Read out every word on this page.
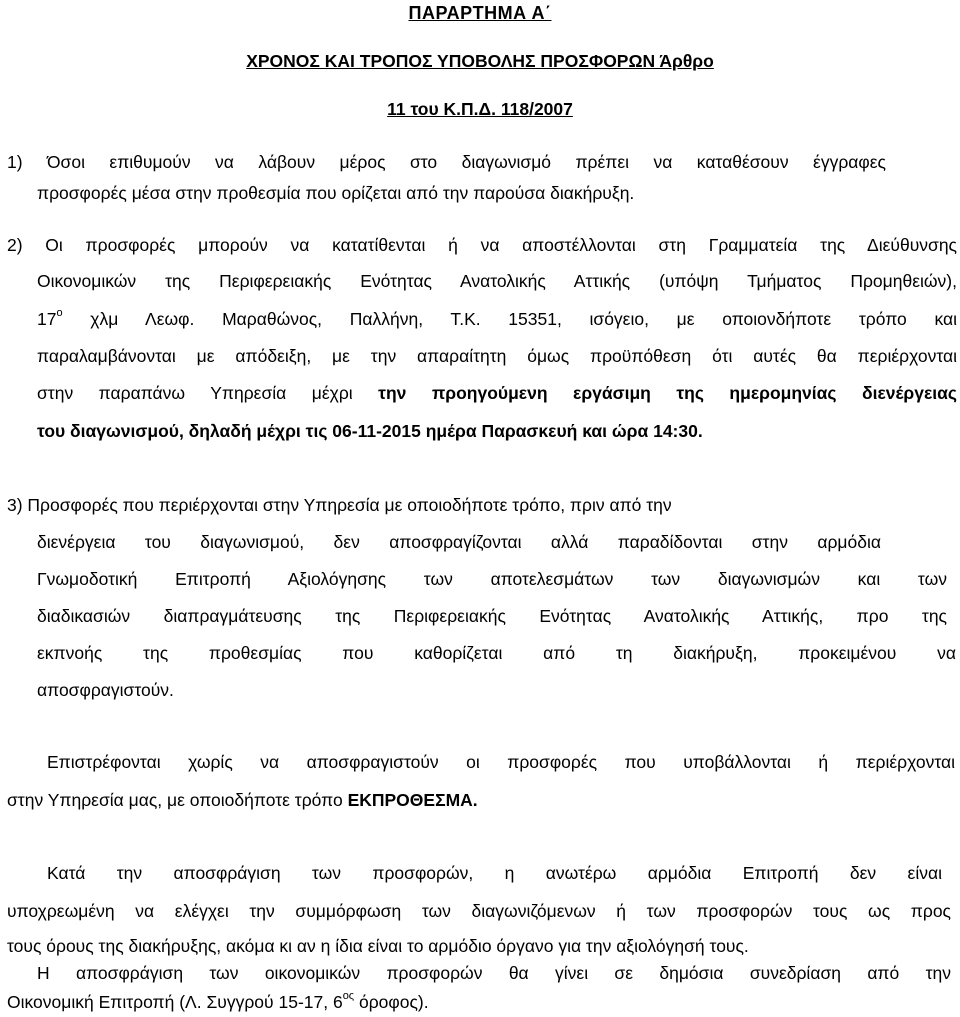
ΠΑΡΑΡΤΗΜΑ Α΄
ΧΡΟΝΟΣ ΚΑΙ ΤΡΟΠΟΣ ΥΠΟΒΟΛΗΣ ΠΡΟΣΦΟΡΩΝ Άρθρο
11 του Κ.Π.Δ. 118/2007
1) Όσοι επιθυμούν να λάβουν μέρος στο διαγωνισμό πρέπει να καταθέσουν έγγραφες
προσφορές μέσα στην προθεσμία που ορίζεται από την παρούσα διακήρυξη.
2) Οι προσφορές μπορούν να κατατίθενται ή να αποστέλλονται στη Γραμματεία της Διεύθυνσης
Οικονομικών της Περιφερειακής Ενότητας Ανατολικής Αττικής (υπόψη Τμήματος Προμηθειών),
$17^o$ χλμ Λεωφ. Μαραθώνος, Παλλήνη, Τ.Κ. 15351, ισόγειο, με οποιονδήποτε τρόπο και
παραλαμβάνονται με απόδειξη, με την απαραίτητη όμως προϋπόθεση ότι αυτές θα περιέρχονται
στην παραπάνω Υπηρεσία μέχρι την προηγούμενη εργάσιμη της ημερομηνίας διενέργειας
του διαγωνισμού, δηλαδή μέχρι τις 06-11-2015 ημέρα Παρασκευή και ώρα 14:30.
3) Προσφορές που περιέρχονται στην Υπηρεσία με οποιοδήποτε τρόπο, πριν από την
διενέργεια του διαγωνισμού, δεν αποσφραγίζονται αλλά παραδίδονται στην αρμόδια
Γνωμοδοτική Επιτροπή Αξιολόγησης των αποτελεσμάτων των διαγωνισμών και των
διαδικασιών διαπραγμάτευσης της Περιφερειακής Ενότητας Ανατολικής Αττικής, προ της
εκπνοής της προθεσμίας που καθορίζεται από τη διακήρυξη, προκειμένου να
αποσφραγιστούν.
Επιστρέφονται χωρίς να αποσφραγιστούν οι προσφορές που υποβάλλονται ή περιέρχονται
στην Υπηρεσία μας, με οποιοδήποτε τρόπο ΕΚΠΡΟΘΕΣΜΑ.
Κατά την αποσφράγιση των προσφορών, η ανωτέρω αρμόδια Επιτροπή δεν είναι
υποχρεωμένη να ελέγχει την συμμόρφωση των διαγωνιζόμενων ή των προσφορών τους ως προς
τους όρους της διακήρυξης, ακόμα κι αν η ίδια είναι το αρμόδιο όργανο για την αξιολόγησή τους.
Η αποσφράγιση των οικονομικών προσφορών θα γίνει σε δημόσια συνεδρίαση από την
Οικονομική Επιτροπή (Λ. Συγγρού 15-17, $6^{o\varsigma}$ όροφος).
